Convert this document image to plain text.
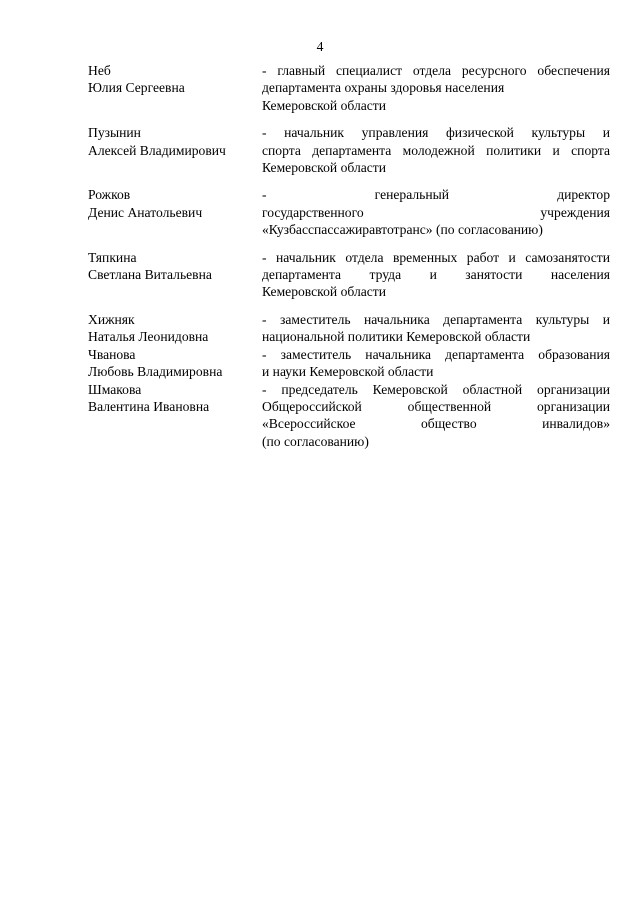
4
Неб
Юлия Сергеевна
- главный специалист отдела ресурсного обеспечения
департамента охраны здоровья населения
Кемеровской области
Пузынин
Алексей Владимирович
- начальник управления физической культуры и
спорта департамента молодежной политики и спорта
Кемеровской области
Рожков
Денис Анатольевич
- генеральный директор
государственного учреждения
«Кузбасспассажиравтотранс» (по согласованию)
Тяпкина
Светлана Витальевна
- начальник отдела временных работ и самозанятости
департамента труда и занятости населения
Кемеровской области
Хижняк
Наталья Леонидовна
- заместитель начальника департамента культуры и
национальной политики Кемеровской области
Чванова
Любовь Владимировна
- заместитель начальника департамента образования
и науки Кемеровской области
Шмакова
Валентина Ивановна
- председатель Кемеровской областной организации
Общероссийской общественной организации
«Всероссийское общество инвалидов»
(по согласованию)
